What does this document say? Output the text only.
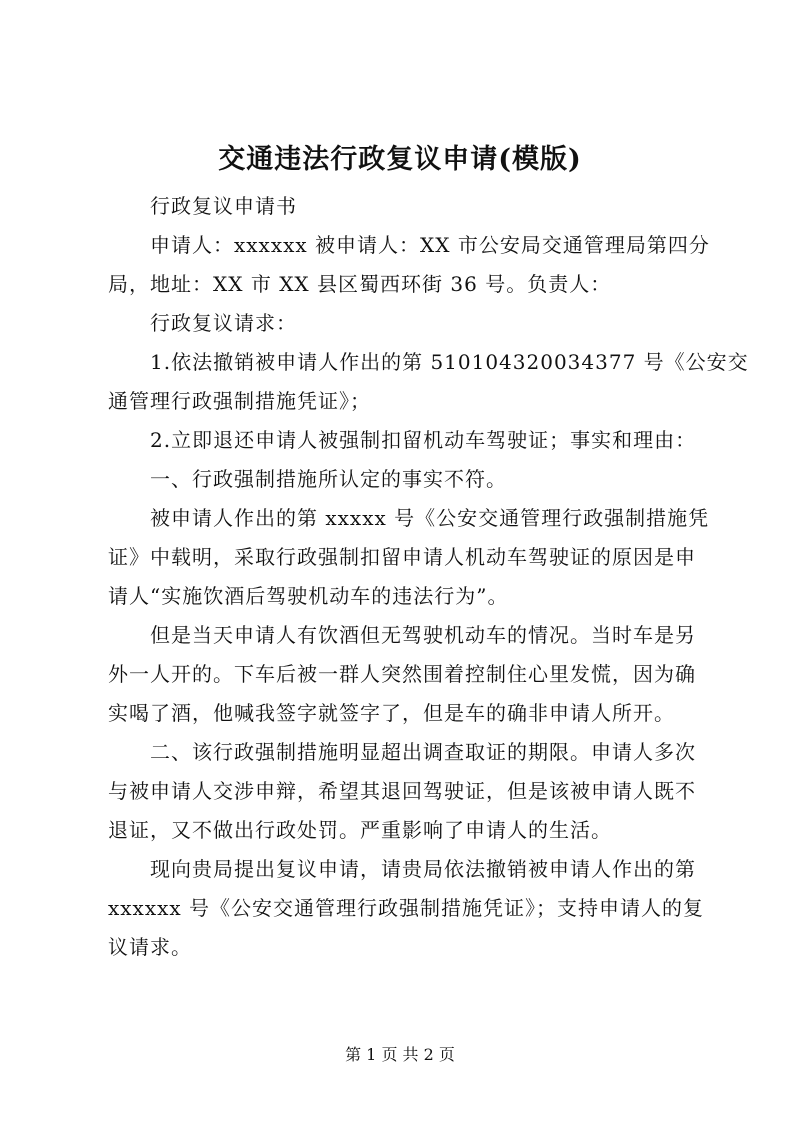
交通违法行政复议申请(模版)

行政复议申请书

申请人：xxxxxx 被申请人：XX 市公安局交通管理局第四分
局，地址：XX 市 XX 县区蜀西环街 36 号。负责人：

行政复议请求：

1.依法撤销被申请人作出的第 510104320034377 号《公安交
通管理行政强制措施凭证》；

2.立即退还申请人被强制扣留机动车驾驶证；事实和理由：

一、行政强制措施所认定的事实不符。

被申请人作出的第 xxxxx 号《公安交通管理行政强制措施凭
证》中载明，采取行政强制扣留申请人机动车驾驶证的原因是申
请人“实施饮酒后驾驶机动车的违法行为”。

但是当天申请人有饮酒但无驾驶机动车的情况。当时车是另
外一人开的。下车后被一群人突然围着控制住心里发慌，因为确
实喝了酒，他喊我签字就签字了，但是车的确非申请人所开。

二、该行政强制措施明显超出调查取证的期限。申请人多次
与被申请人交涉申辩，希望其退回驾驶证，但是该被申请人既不
退证，又不做出行政处罚。严重影响了申请人的生活。

现向贵局提出复议申请，请贵局依法撤销被申请人作出的第
xxxxxx 号《公安交通管理行政强制措施凭证》；支持申请人的复
议请求。

第 1 页 共 2 页
